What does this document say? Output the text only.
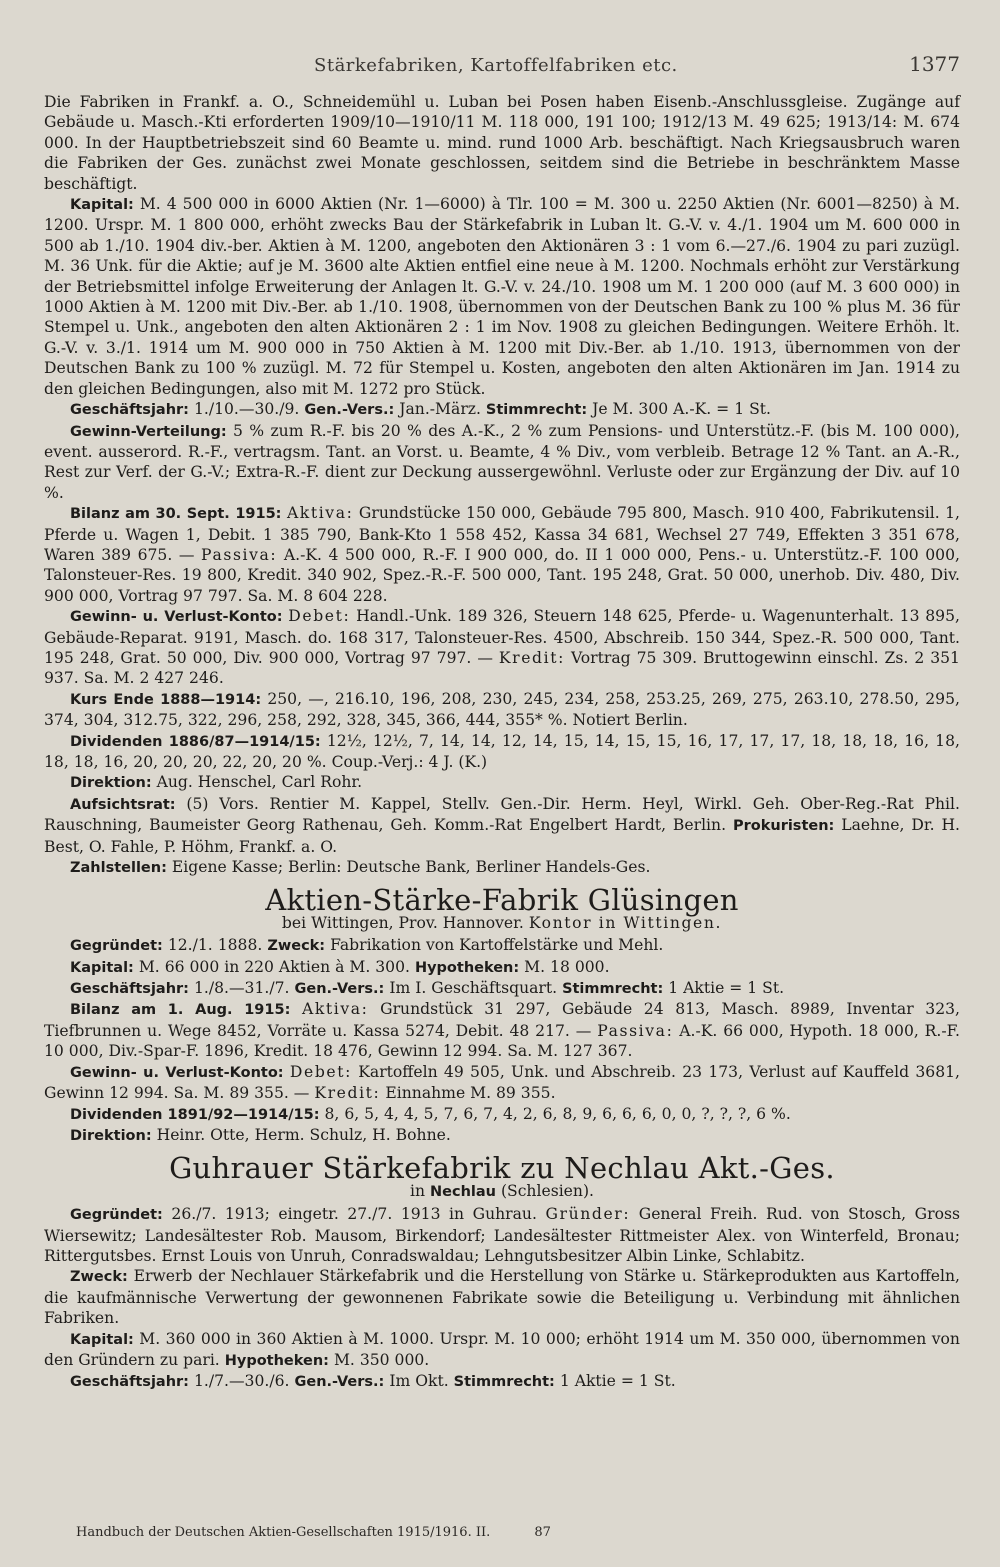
Stärkefabriken, Kartoffelfabriken etc.	1377

Die Fabriken in Frankf. a. O., Schneidemühl u. Luban bei Posen haben Eisenb.-Anschlussgleise. Zugänge auf Gebäude u. Masch.-Kti erforderten 1909/10—1910/11 M. 118 000, 191 100; 1912/13 M. 49 625; 1913/14: M. 674 000. In der Hauptbetriebszeit sind 60 Beamte u. mind. rund 1000 Arb. beschäftigt. Nach Kriegsausbruch waren die Fabriken der Ges. zunächst zwei Monate geschlossen, seitdem sind die Betriebe in beschränktem Masse beschäftigt.

Kapital: M. 4 500 000 in 6000 Aktien (Nr. 1—6000) à Tlr. 100 = M. 300 u. 2250 Aktien (Nr. 6001—8250) à M. 1200. Urspr. M. 1 800 000, erhöht zwecks Bau der Stärkefabrik in Luban lt. G.-V. v. 4./1. 1904 um M. 600 000 in 500 ab 1./10. 1904 div.-ber. Aktien à M. 1200, angeboten den Aktionären 3 : 1 vom 6.—27./6. 1904 zu pari zuzügl. M. 36 Unk. für die Aktie; auf je M. 3600 alte Aktien entfiel eine neue à M. 1200. Nochmals erhöht zur Verstärkung der Betriebsmittel infolge Erweiterung der Anlagen lt. G.-V. v. 24./10. 1908 um M. 1 200 000 (auf M. 3 600 000) in 1000 Aktien à M. 1200 mit Div.-Ber. ab 1./10. 1908, übernommen von der Deutschen Bank zu 100 % plus M. 36 für Stempel u. Unk., angeboten den alten Aktionären 2 : 1 im Nov. 1908 zu gleichen Bedingungen. Weitere Erhöh. lt. G.-V. v. 3./1. 1914 um M. 900 000 in 750 Aktien à M. 1200 mit Div.-Ber. ab 1./10. 1913, übernommen von der Deutschen Bank zu 100 % zuzügl. M. 72 für Stempel u. Kosten, angeboten den alten Aktionären im Jan. 1914 zu den gleichen Bedingungen, also mit M. 1272 pro Stück.

Geschäftsjahr: 1./10.—30./9. Gen.-Vers.: Jan.-März. Stimmrecht: Je M. 300 A.-K. = 1 St.

Gewinn-Verteilung: 5 % zum R.-F. bis 20 % des A.-K., 2 % zum Pensions- und Unterstütz.-F. (bis M. 100 000), event. ausserord. R.-F., vertragsm. Tant. an Vorst. u. Beamte, 4 % Div., vom verbleib. Betrage 12 % Tant. an A.-R., Rest zur Verf. der G.-V.; Extra-R.-F. dient zur Deckung aussergewöhnl. Verluste oder zur Ergänzung der Div. auf 10 %.

Bilanz am 30. Sept. 1915: Aktiva: Grundstücke 150 000, Gebäude 795 800, Masch. 910 400, Fabrikutensil. 1, Pferde u. Wagen 1, Debit. 1 385 790, Bank-Kto 1 558 452, Kassa 34 681, Wechsel 27 749, Effekten 3 351 678, Waren 389 675. — Passiva: A.-K. 4 500 000, R.-F. I 900 000, do. II 1 000 000, Pens.- u. Unterstütz.-F. 100 000, Talonsteuer-Res. 19 800, Kredit. 340 902, Spez.-R.-F. 500 000, Tant. 195 248, Grat. 50 000, unerhob. Div. 480, Div. 900 000, Vortrag 97 797. Sa. M. 8 604 228.

Gewinn- u. Verlust-Konto: Debet: Handl.-Unk. 189 326, Steuern 148 625, Pferde- u. Wagenunterhalt. 13 895, Gebäude-Reparat. 9191, Masch. do. 168 317, Talonsteuer-Res. 4500, Abschreib. 150 344, Spez.-R. 500 000, Tant. 195 248, Grat. 50 000, Div. 900 000, Vortrag 97 797. — Kredit: Vortrag 75 309. Bruttogewinn einschl. Zs. 2 351 937. Sa. M. 2 427 246.

Kurs Ende 1888—1914: 250, —, 216.10, 196, 208, 230, 245, 234, 258, 253.25, 269, 275, 263.10, 278.50, 295, 374, 304, 312.75, 322, 296, 258, 292, 328, 345, 366, 444, 355* %. Notiert Berlin.

Dividenden 1886/87—1914/15: 12½, 12½, 7, 14, 14, 12, 14, 15, 14, 15, 15, 16, 17, 17, 17, 18, 18, 18, 16, 18, 18, 18, 16, 20, 20, 20, 22, 20, 20 %. Coup.-Verj.: 4 J. (K.)

Direktion: Aug. Henschel, Carl Rohr.

Aufsichtsrat: (5) Vors. Rentier M. Kappel, Stellv. Gen.-Dir. Herm. Heyl, Wirkl. Geh. Ober-Reg.-Rat Phil. Rauschning, Baumeister Georg Rathenau, Geh. Komm.-Rat Engelbert Hardt, Berlin. Prokuristen: Laehne, Dr. H. Best, O. Fahle, P. Höhm, Frankf. a. O.

Zahlstellen: Eigene Kasse; Berlin: Deutsche Bank, Berliner Handels-Ges.

Aktien-Stärke-Fabrik Glüsingen
bei Wittingen, Prov. Hannover. Kontor in Wittingen.

Gegründet: 12./1. 1888. Zweck: Fabrikation von Kartoffelstärke und Mehl.

Kapital: M. 66 000 in 220 Aktien à M. 300. Hypotheken: M. 18 000.

Geschäftsjahr: 1./8.—31./7. Gen.-Vers.: Im I. Geschäftsquart. Stimmrecht: 1 Aktie = 1 St.

Bilanz am 1. Aug. 1915: Aktiva: Grundstück 31 297, Gebäude 24 813, Masch. 8989, Inventar 323, Tiefbrunnen u. Wege 8452, Vorräte u. Kassa 5274, Debit. 48 217. — Passiva: A.-K. 66 000, Hypoth. 18 000, R.-F. 10 000, Div.-Spar-F. 1896, Kredit. 18 476, Gewinn 12 994. Sa. M. 127 367.

Gewinn- u. Verlust-Konto: Debet: Kartoffeln 49 505, Unk. und Abschreib. 23 173, Verlust auf Kauffeld 3681, Gewinn 12 994. Sa. M. 89 355. — Kredit: Einnahme M. 89 355.

Dividenden 1891/92—1914/15: 8, 6, 5, 4, 4, 5, 7, 6, 7, 4, 2, 6, 8, 9, 6, 6, 6, 0, 0, ?, ?, ?, 6 %.

Direktion: Heinr. Otte, Herm. Schulz, H. Bohne.

Guhrauer Stärkefabrik zu Nechlau Akt.-Ges.
in Nechlau (Schlesien).

Gegründet: 26./7. 1913; eingetr. 27./7. 1913 in Guhrau. Gründer: General Freih. Rud. von Stosch, Gross Wiersewitz; Landesältester Rob. Mausom, Birkendorf; Landesältester Rittmeister Alex. von Winterfeld, Bronau; Rittergutsbes. Ernst Louis von Unruh, Conradswaldau; Lehngutsbesitzer Albin Linke, Schlabitz.

Zweck: Erwerb der Nechlauer Stärkefabrik und die Herstellung von Stärke u. Stärkeprodukten aus Kartoffeln, die kaufmännische Verwertung der gewonnenen Fabrikate sowie die Beteiligung u. Verbindung mit ähnlichen Fabriken.

Kapital: M. 360 000 in 360 Aktien à M. 1000. Urspr. M. 10 000; erhöht 1914 um M. 350 000, übernommen von den Gründern zu pari. Hypotheken: M. 350 000.

Geschäftsjahr: 1./7.—30./6. Gen.-Vers.: Im Okt. Stimmrecht: 1 Aktie = 1 St.

Handbuch der Deutschen Aktien-Gesellschaften 1915/1916. II.	87
